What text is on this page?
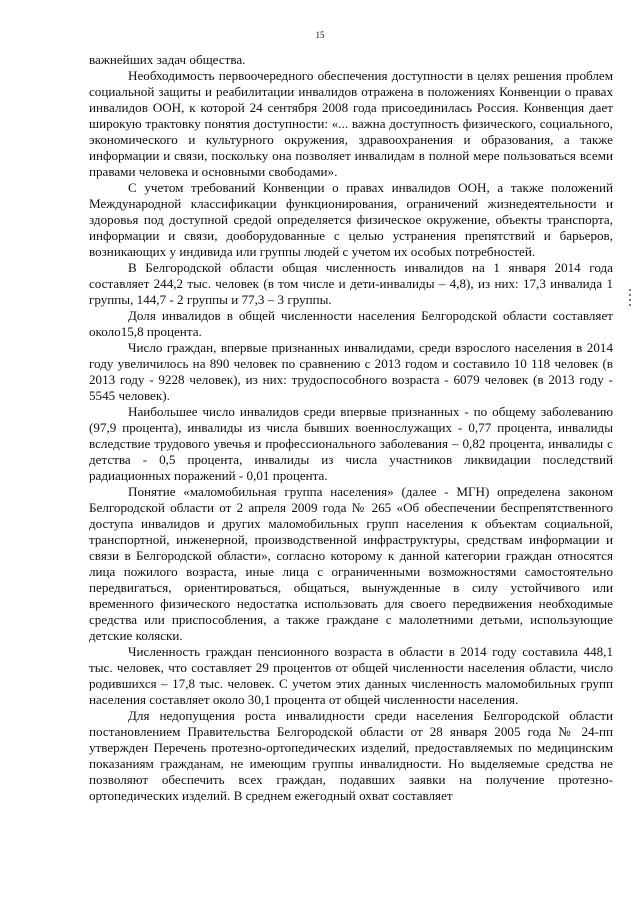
15

важнейших задач общества.

Необходимость первоочередного обеспечения доступности в целях решения проблем социальной защиты и реабилитации инвалидов отражена в положениях Конвенции о правах инвалидов ООН, к которой 24 сентября 2008 года присоединилась Россия. Конвенция дает широкую трактовку понятия доступности: «... важна доступность физического, социального, экономического и культурного окружения, здравоохранения и образования, а также информации и связи, поскольку она позволяет инвалидам в полной мере пользоваться всеми правами человека и основными свободами».

С учетом требований Конвенции о правах инвалидов ООН, а также положений Международной классификации функционирования, ограничений жизнедеятельности и здоровья под доступной средой определяется физическое окружение, объекты транспорта, информации и связи, дооборудованные с целью устранения препятствий и барьеров, возникающих у индивида или группы людей с учетом их особых потребностей.

В Белгородской области общая численность инвалидов на 1 января 2014 года составляет 244,2 тыс. человек (в том числе и дети-инвалиды – 4,8), из них: 17,3 инвалида 1 группы, 144,7 - 2 группы и 77,3 – 3 группы.

Доля инвалидов в общей численности населения Белгородской области составляет около15,8 процента.

Число граждан, впервые признанных инвалидами, среди взрослого населения в 2014 году увеличилось на 890 человек по сравнению с 2013 годом и составило 10 118 человек (в 2013 году - 9228 человек), из них: трудоспособного возраста - 6079 человек (в 2013 году - 5545 человек).

Наибольшее число инвалидов среди впервые признанных - по общему заболеванию (97,9 процента), инвалиды из числа бывших военнослужащих - 0,77 процента, инвалиды вследствие трудового увечья и профессионального заболевания – 0,82 процента, инвалиды с детства - 0,5 процента, инвалиды из числа участников ликвидации последствий радиационных поражений - 0,01 процента.

Понятие «маломобильная группа населения» (далее - МГН) определена законом Белгородской области от 2 апреля 2009 года № 265 «Об обеспечении беспрепятственного доступа инвалидов и других маломобильных групп населения к объектам социальной, транспортной, инженерной, производственной инфраструктуры, средствам информации и связи в Белгородской области», согласно которому к данной категории граждан относятся лица пожилого возраста, иные лица с ограниченными возможностями самостоятельно передвигаться, ориентироваться, общаться, вынужденные в силу устойчивого или временного физического недостатка использовать для своего передвижения необходимые средства или приспособления, а также граждане с малолетними детьми, использующие детские коляски.

Численность граждан пенсионного возраста в области в 2014 году составила 448,1 тыс. человек, что составляет 29 процентов от общей численности населения области, число родившихся – 17,8 тыс. человек. С учетом этих данных численность маломобильных групп населения составляет около 30,1 процента от общей численности населения.

Для недопущения роста инвалидности среди населения Белгородской области постановлением Правительства Белгородской области от 28 января 2005 года № 24-пп утвержден Перечень протезно-ортопедических изделий, предоставляемых по медицинским показаниям гражданам, не имеющим группы инвалидности. Но выделяемые средства не позволяют обеспечить всех граждан, подавших заявки на получение протезно-ортопедических изделий. В среднем ежегодный охват составляет
